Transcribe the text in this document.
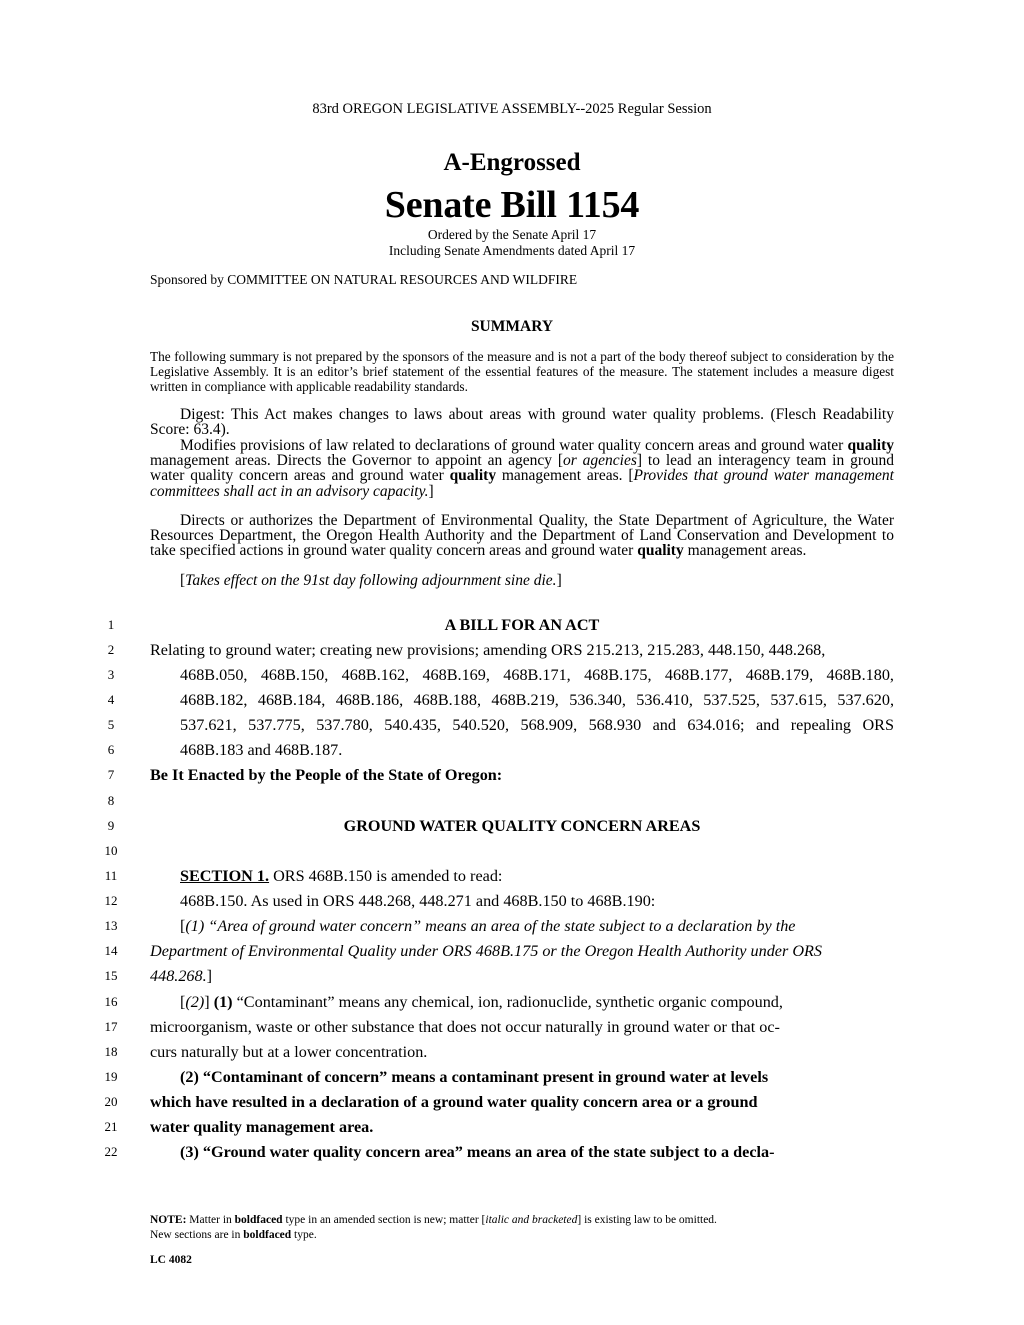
83rd OREGON LEGISLATIVE ASSEMBLY--2025 Regular Session
A-Engrossed
Senate Bill 1154
Ordered by the Senate April 17
Including Senate Amendments dated April 17
Sponsored by COMMITTEE ON NATURAL RESOURCES AND WILDFIRE
SUMMARY
The following summary is not prepared by the sponsors of the measure and is not a part of the body thereof subject to consideration by the Legislative Assembly. It is an editor’s brief statement of the essential features of the measure. The statement includes a measure digest written in compliance with applicable readability standards.
Digest: This Act makes changes to laws about areas with ground water quality problems. (Flesch Readability Score: 63.4).
Modifies provisions of law related to declarations of ground water quality concern areas and ground water quality management areas. Directs the Governor to appoint an agency [or agencies] to lead an interagency team in ground water quality concern areas and ground water quality management areas. [Provides that ground water management committees shall act in an advisory capacity.]
Directs or authorizes the Department of Environmental Quality, the State Department of Agriculture, the Water Resources Department, the Oregon Health Authority and the Department of Land Conservation and Development to take specified actions in ground water quality concern areas and ground water quality management areas.
[Takes effect on the 91st day following adjournment sine die.]
1
2
3
4
5
6
7
8
9
10
11
12
13
14
15
16
17
18
19
20
21
22
A BILL FOR AN ACT
Relating to ground water; creating new provisions; amending ORS 215.213, 215.283, 448.150, 448.268,
468B.050, 468B.150, 468B.162, 468B.169, 468B.171, 468B.175, 468B.177, 468B.179, 468B.180,
468B.182, 468B.184, 468B.186, 468B.188, 468B.219, 536.340, 536.410, 537.525, 537.615, 537.620,
537.621, 537.775, 537.780, 540.435, 540.520, 568.909, 568.930 and 634.016; and repealing ORS
468B.183 and 468B.187.
Be It Enacted by the People of the State of Oregon:
GROUND WATER QUALITY CONCERN AREAS
SECTION 1. ORS 468B.150 is amended to read:
468B.150. As used in ORS 448.268, 448.271 and 468B.150 to 468B.190:
[(1) “Area of ground water concern” means an area of the state subject to a declaration by the
Department of Environmental Quality under ORS 468B.175 or the Oregon Health Authority under ORS
448.268.]
[(2)] (1) “Contaminant” means any chemical, ion, radionuclide, synthetic organic compound,
microorganism, waste or other substance that does not occur naturally in ground water or that oc-
curs naturally but at a lower concentration.
(2) “Contaminant of concern” means a contaminant present in ground water at levels
which have resulted in a declaration of a ground water quality concern area or a ground
water quality management area.
(3) “Ground water quality concern area” means an area of the state subject to a decla-
NOTE: Matter in boldfaced type in an amended section is new; matter [italic and bracketed] is existing law to be omitted.
New sections are in boldfaced type.
LC 4082
